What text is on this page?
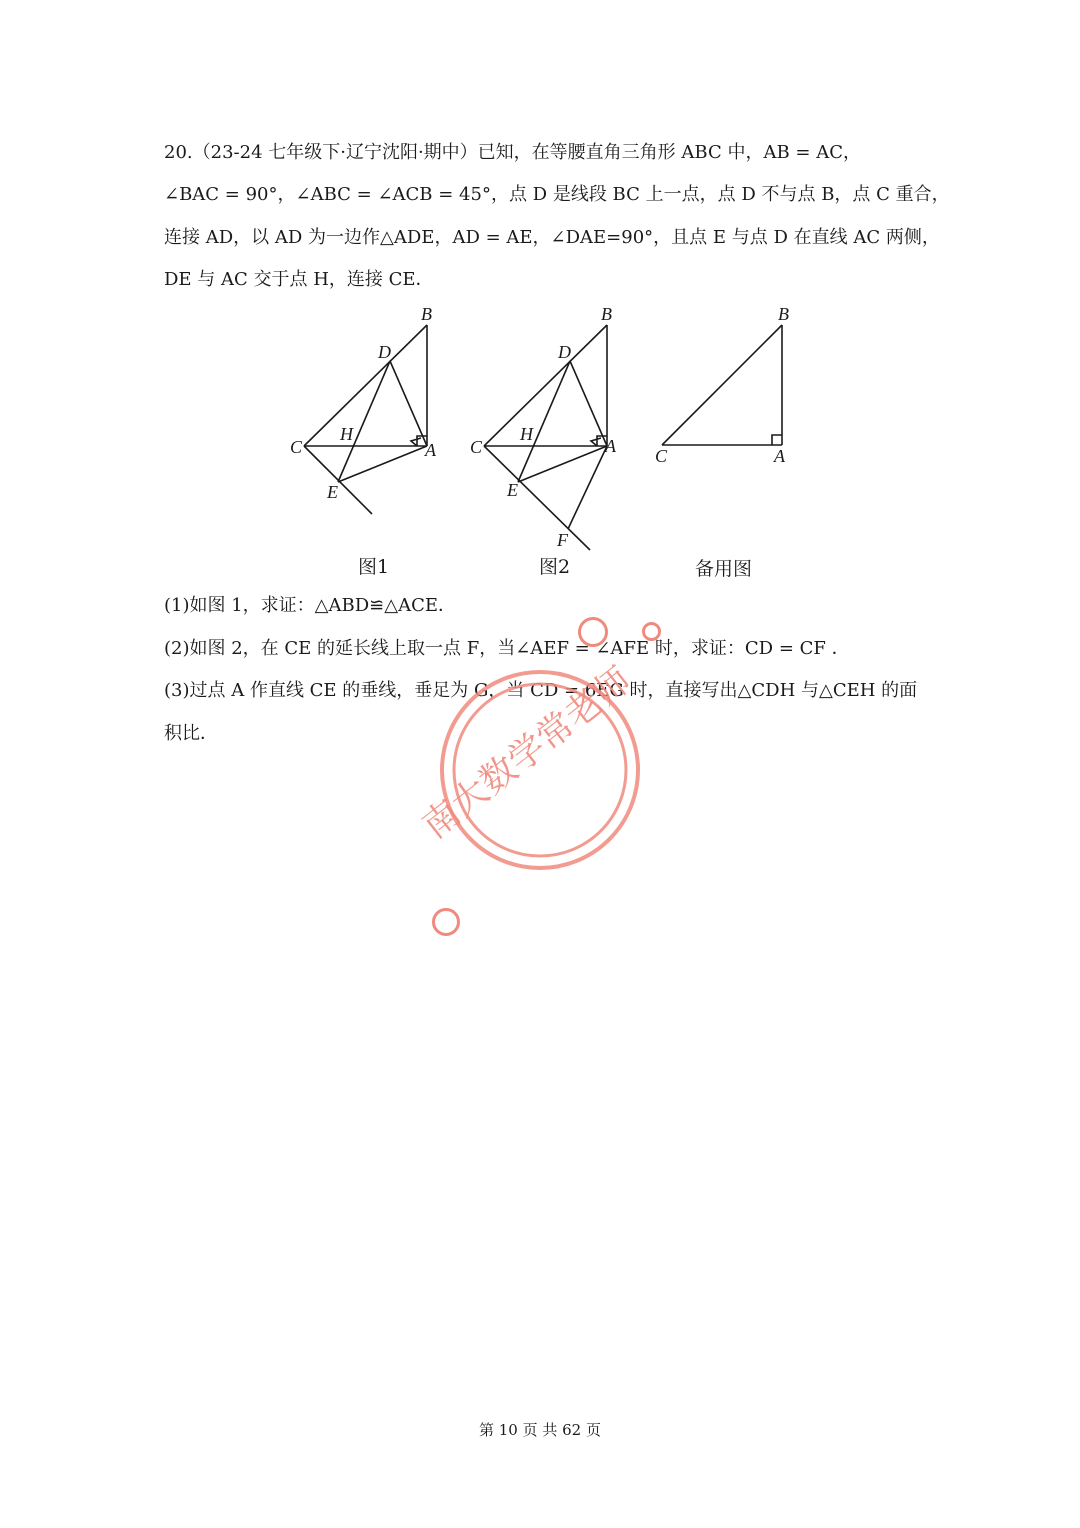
20.（23-24 七年级下·辽宁沈阳·期中）已知，在等腰直角三角形 ABC 中，AB = AC，
∠BAC = 90°，∠ABC = ∠ACB = 45°，点 D 是线段 BC 上一点，点 D 不与点 B，点 C 重合，
连接 AD，以 AD 为一边作△ADE，AD = AE，∠DAE=90°，且点 E 与点 D 在直线 AC 两侧，
DE 与 AC 交于点 H，连接 CE．
B
D
C
H
A
E
B
D
C
H
A
E
F
B
C	A
图1	图2	备用图
(1)如图 1，求证：△ABD≌△ACE．
(2)如图 2，在 CE 的延长线上取一点 F，当∠AEF = ∠AFE 时，求证：CD = CF ．
(3)过点 A 作直线 CE 的垂线，垂足为 G，当 CD = 6EG 时，直接写出△CDH 与△CEH 的面
积比．	南大数学常老师
第 10 页 共 62 页
